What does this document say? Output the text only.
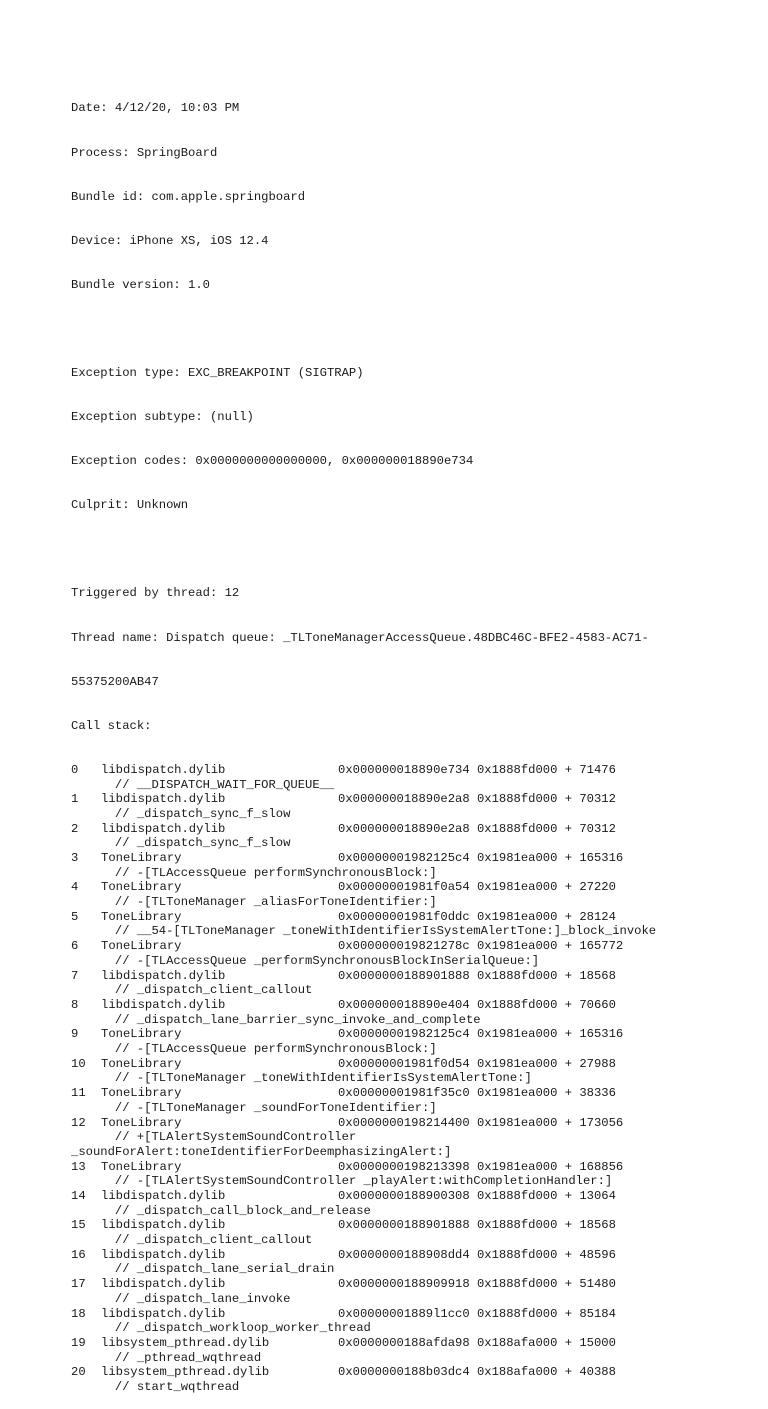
Date: 4/12/20, 10:03 PM

Process: SpringBoard

Bundle id: com.apple.springboard

Device: iPhone XS, iOS 12.4

Bundle version: 1.0

Exception type: EXC_BREAKPOINT (SIGTRAP)

Exception subtype: (null)

Exception codes: 0x0000000000000000, 0x000000018890e734

Culprit: Unknown

Triggered by thread: 12

Thread name: Dispatch queue: _TLToneManagerAccessQueue.48DBC46C-BFE2-4583-AC71-

55375200AB47

Call stack:

0 libdispatch.dylib	0x000000018890e734 0x1888fd000 + 71476
// __DISPATCH_WAIT_FOR_QUEUE__
1 libdispatch.dylib	0x000000018890e2a8 0x1888fd000 + 70312
// _dispatch_sync_f_slow
2 libdispatch.dylib	0x000000018890e2a8 0x1888fd000 + 70312
// _dispatch_sync_f_slow
3 ToneLibrary	0x00000001982125c4 0x1981ea000 + 165316
// -[TLAccessQueue performSynchronousBlock:]
4 ToneLibrary	0x00000001981f0a54 0x1981ea000 + 27220
// -[TLToneManager _aliasForToneIdentifier:]
5 ToneLibrary	0x00000001981f0ddc 0x1981ea000 + 28124
// __54-[TLToneManager _toneWithIdentifierIsSystemAlertTone:]_block_invoke
6 ToneLibrary	0x000000019821278c 0x1981ea000 + 165772
// -[TLAccessQueue _performSynchronousBlockInSerialQueue:]
7 libdispatch.dylib	0x0000000188901888 0x1888fd000 + 18568
// _dispatch_client_callout
8 libdispatch.dylib	0x000000018890e404 0x1888fd000 + 70660
// _dispatch_lane_barrier_sync_invoke_and_complete
9 ToneLibrary	0x00000001982125c4 0x1981ea000 + 165316
// -[TLAccessQueue performSynchronousBlock:]
10 ToneLibrary	0x00000001981f0d54 0x1981ea000 + 27988
// -[TLToneManager _toneWithIdentifierIsSystemAlertTone:]
11 ToneLibrary	0x00000001981f35c0 0x1981ea000 + 38336
// -[TLToneManager _soundForToneIdentifier:]
12 ToneLibrary	0x0000000198214400 0x1981ea000 + 173056
// +[TLAlertSystemSoundController
_soundForAlert:toneIdentifierForDeemphasizingAlert:]
13 ToneLibrary	0x0000000198213398 0x1981ea000 + 168856
// -[TLAlertSystemSoundController _playAlert:withCompletionHandler:]
14 libdispatch.dylib	0x0000000188900308 0x1888fd000 + 13064
// _dispatch_call_block_and_release
15 libdispatch.dylib	0x0000000188901888 0x1888fd000 + 18568
// _dispatch_client_callout
16 libdispatch.dylib	0x0000000188908dd4 0x1888fd000 + 48596
// _dispatch_lane_serial_drain
17 libdispatch.dylib	0x0000000188909918 0x1888fd000 + 51480
// _dispatch_lane_invoke
18 libdispatch.dylib	0x00000001889l1cc0 0x1888fd000 + 85184
// _dispatch_workloop_worker_thread
19 libsystem_pthread.dylib	0x0000000188afda98 0x188afa000 + 15000
// _pthread_wqthread
20 libsystem_pthread.dylib	0x0000000188b03dc4 0x188afa000 + 40388
// start_wqthread
